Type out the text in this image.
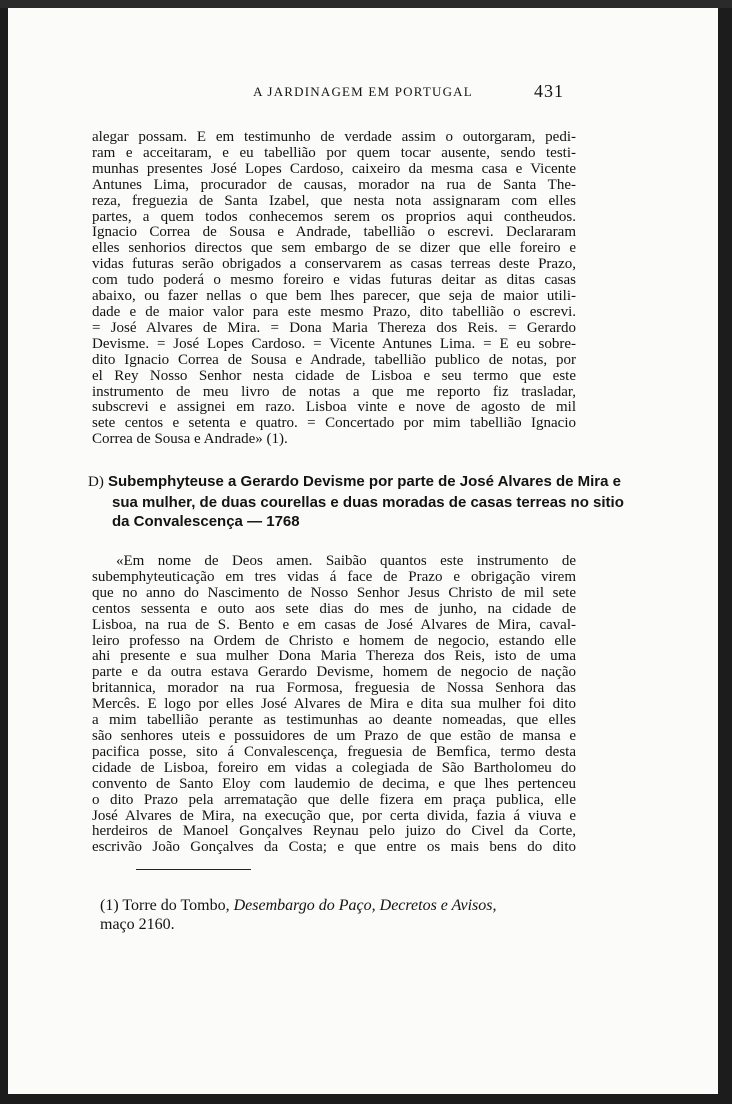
A JARDINAGEM EM PORTUGAL	431
alegar possam. E em testimunho de verdade assim o outorgaram, pedi-
ram e acceitaram, e eu tabellião por quem tocar ausente, sendo testi-
munhas presentes José Lopes Cardoso, caixeiro da mesma casa e Vicente
Antunes Lima, procurador de causas, morador na rua de Santa The-
reza, freguezia de Santa Izabel, que nesta nota assignaram com elles
partes, a quem todos conhecemos serem os proprios aqui contheudos.
Ignacio Correa de Sousa e Andrade, tabellião o escrevi. Declararam
elles senhorios directos que sem embargo de se dizer que elle foreiro e
vidas futuras serão obrigados a conservarem as casas terreas deste Prazo,
com tudo poderá o mesmo foreiro e vidas futuras deitar as ditas casas
abaixo, ou fazer nellas o que bem lhes parecer, que seja de maior utili-
dade e de maior valor para este mesmo Prazo, dito tabellião o escrevi.
= José Alvares de Mira. = Dona Maria Thereza dos Reis. = Gerardo
Devisme. = José Lopes Cardoso. = Vicente Antunes Lima. = E eu sobre-
dito Ignacio Correa de Sousa e Andrade, tabellião publico de notas, por
el Rey Nosso Senhor nesta cidade de Lisboa e seu termo que este
instrumento de meu livro de notas a que me reporto fiz trasladar,
subscrevi e assignei em razo. Lisboa vinte e nove de agosto de mil
sete centos e setenta e quatro. = Concertado por mim tabellião Ignacio
Correa de Sousa e Andrade» (1).
D) Subemphyteuse a Gerardo Devisme por parte de José Alvares de Mira e
sua mulher, de duas courellas e duas moradas de casas terreas no sitio
da Convalescença — 1768
«Em nome de Deos amen. Saibão quantos este instrumento de
subemphyteuticação em tres vidas á face de Prazo e obrigação virem
que no anno do Nascimento de Nosso Senhor Jesus Christo de mil sete
centos sessenta e outo aos sete dias do mes de junho, na cidade de
Lisboa, na rua de S. Bento e em casas de José Alvares de Mira, caval-
leiro professo na Ordem de Christo e homem de negocio, estando elle
ahi presente e sua mulher Dona Maria Thereza dos Reis, isto de uma
parte e da outra estava Gerardo Devisme, homem de negocio de nação
britannica, morador na rua Formosa, freguesia de Nossa Senhora das
Mercês. E logo por elles José Alvares de Mira e dita sua mulher foi dito
a mim tabellião perante as testimunhas ao deante nomeadas, que elles
são senhores uteis e possuidores de um Prazo de que estão de mansa e
pacifica posse, sito á Convalescença, freguesia de Bemfica, termo desta
cidade de Lisboa, foreiro em vidas a colegiada de São Bartholomeu do
convento de Santo Eloy com laudemio de decima, e que lhes pertenceu
o dito Prazo pela arrematação que delle fizera em praça publica, elle
José Alvares de Mira, na execução que, por certa divida, fazia á viuva e
herdeiros de Manoel Gonçalves Reynau pelo juizo do Civel da Corte,
escrivão João Gonçalves da Costa; e que entre os mais bens do dito
(1) Torre do Tombo, Desembargo do Paço, Decretos e Avisos,
maço 2160.
